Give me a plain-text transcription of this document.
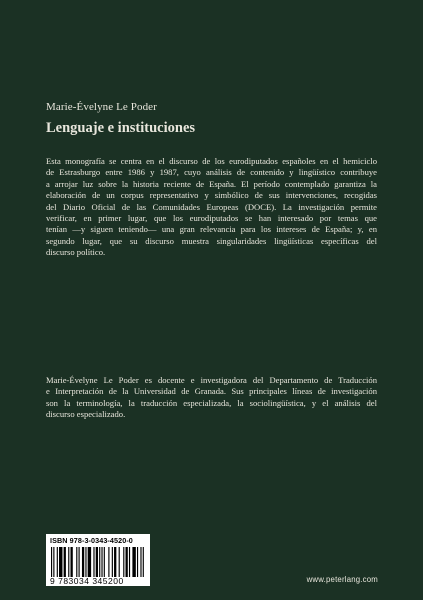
Marie-Évelyne Le Poder
Lenguaje e instituciones
Esta monografía se centra en el discurso de los eurodiputados españoles en el hemiciclo
de Estrasburgo entre 1986 y 1987, cuyo análisis de contenido y lingüístico contribuye
a arrojar luz sobre la historia reciente de España. El período contemplado garantiza la
elaboración de un corpus representativo y simbólico de sus intervenciones, recogidas
del Diario Oficial de las Comunidades Europeas (DOCE). La investigación permite
verificar, en primer lugar, que los eurodiputados se han interesado por temas que
tenían —y siguen teniendo— una gran relevancia para los intereses de España; y, en
segundo lugar, que su discurso muestra singularidades lingüísticas específicas del
discurso político.
Marie-Évelyne Le Poder es docente e investigadora del Departamento de Traducción
e Interpretación de la Universidad de Granada. Sus principales líneas de investigación
son la terminología, la traducción especializada, la sociolingüística, y el análisis del
discurso especializado.
ISBN 978-3-0343-4520-0
9 783034 345200	www.peterlang.com
